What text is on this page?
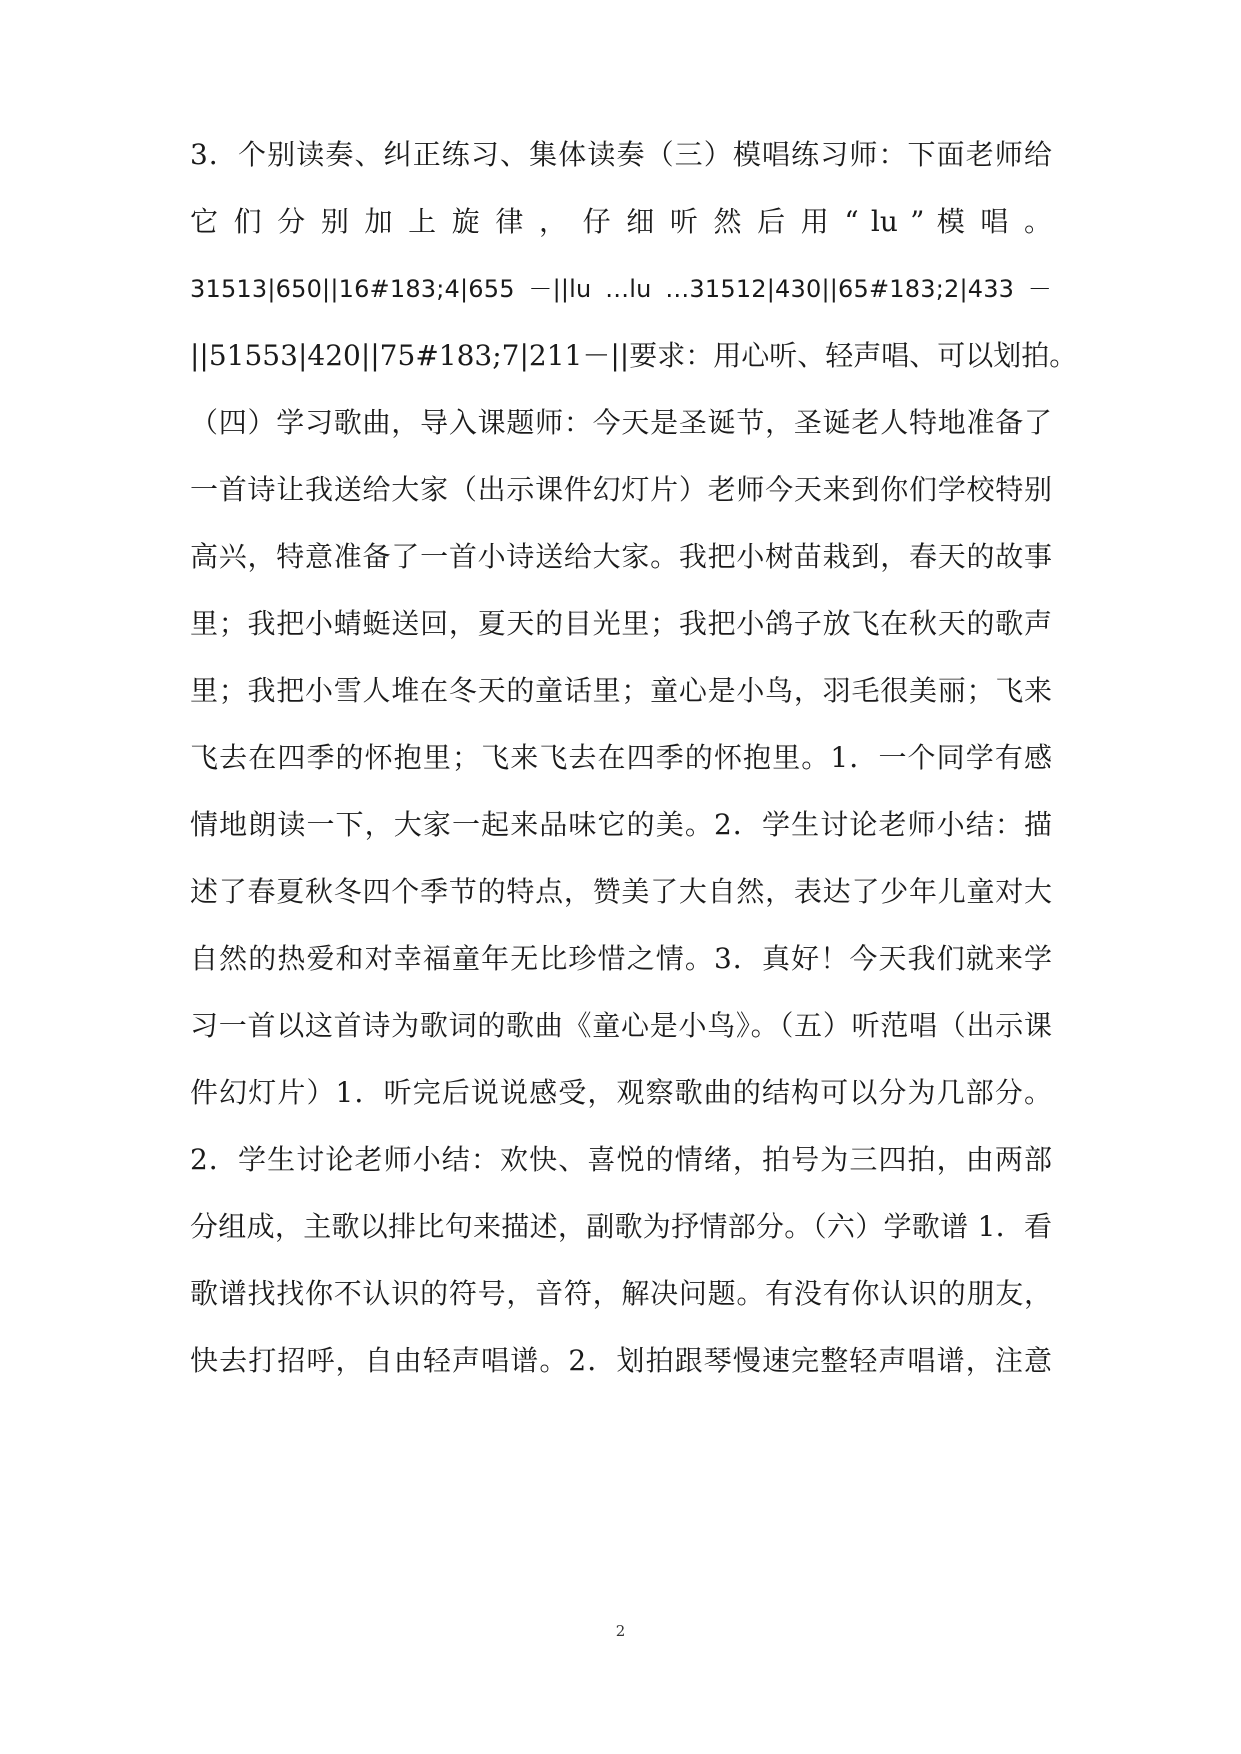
3．个别读奏、纠正练习、集体读奏（三）模唱练习师：下面老师给
它 们 分 别 加 上 旋 律 ， 仔 细 听 然 后 用 “ lu ” 模 唱 。
31513|650||16#183;4|655 －||lu …lu …31512|430||65#183;2|433 －
||51553|420||75#183;7|211－||要求：用心听、轻声唱、可以划拍。
（四）学习歌曲，导入课题师：今天是圣诞节，圣诞老人特地准备了
一首诗让我送给大家（出示课件幻灯片）老师今天来到你们学校特别
高兴，特意准备了一首小诗送给大家。我把小树苗栽到，春天的故事
里；我把小蜻蜓送回，夏天的目光里；我把小鸽子放飞在秋天的歌声
里；我把小雪人堆在冬天的童话里；童心是小鸟，羽毛很美丽；飞来
飞去在四季的怀抱里；飞来飞去在四季的怀抱里。1．一个同学有感
情地朗读一下，大家一起来品味它的美。2．学生讨论老师小结：描
述了春夏秋冬四个季节的特点，赞美了大自然，表达了少年儿童对大
自然的热爱和对幸福童年无比珍惜之情。3．真好！今天我们就来学
习一首以这首诗为歌词的歌曲《童心是小鸟》。（五）听范唱（出示课
件幻灯片）1．听完后说说感受，观察歌曲的结构可以分为几部分。
2．学生讨论老师小结：欢快、喜悦的情绪，拍号为三四拍，由两部
分组成，主歌以排比句来描述，副歌为抒情部分。（六）学歌谱 1．看
歌谱找找你不认识的符号，音符，解决问题。有没有你认识的朋友，
快去打招呼，自由轻声唱谱。2．划拍跟琴慢速完整轻声唱谱，注意
2
